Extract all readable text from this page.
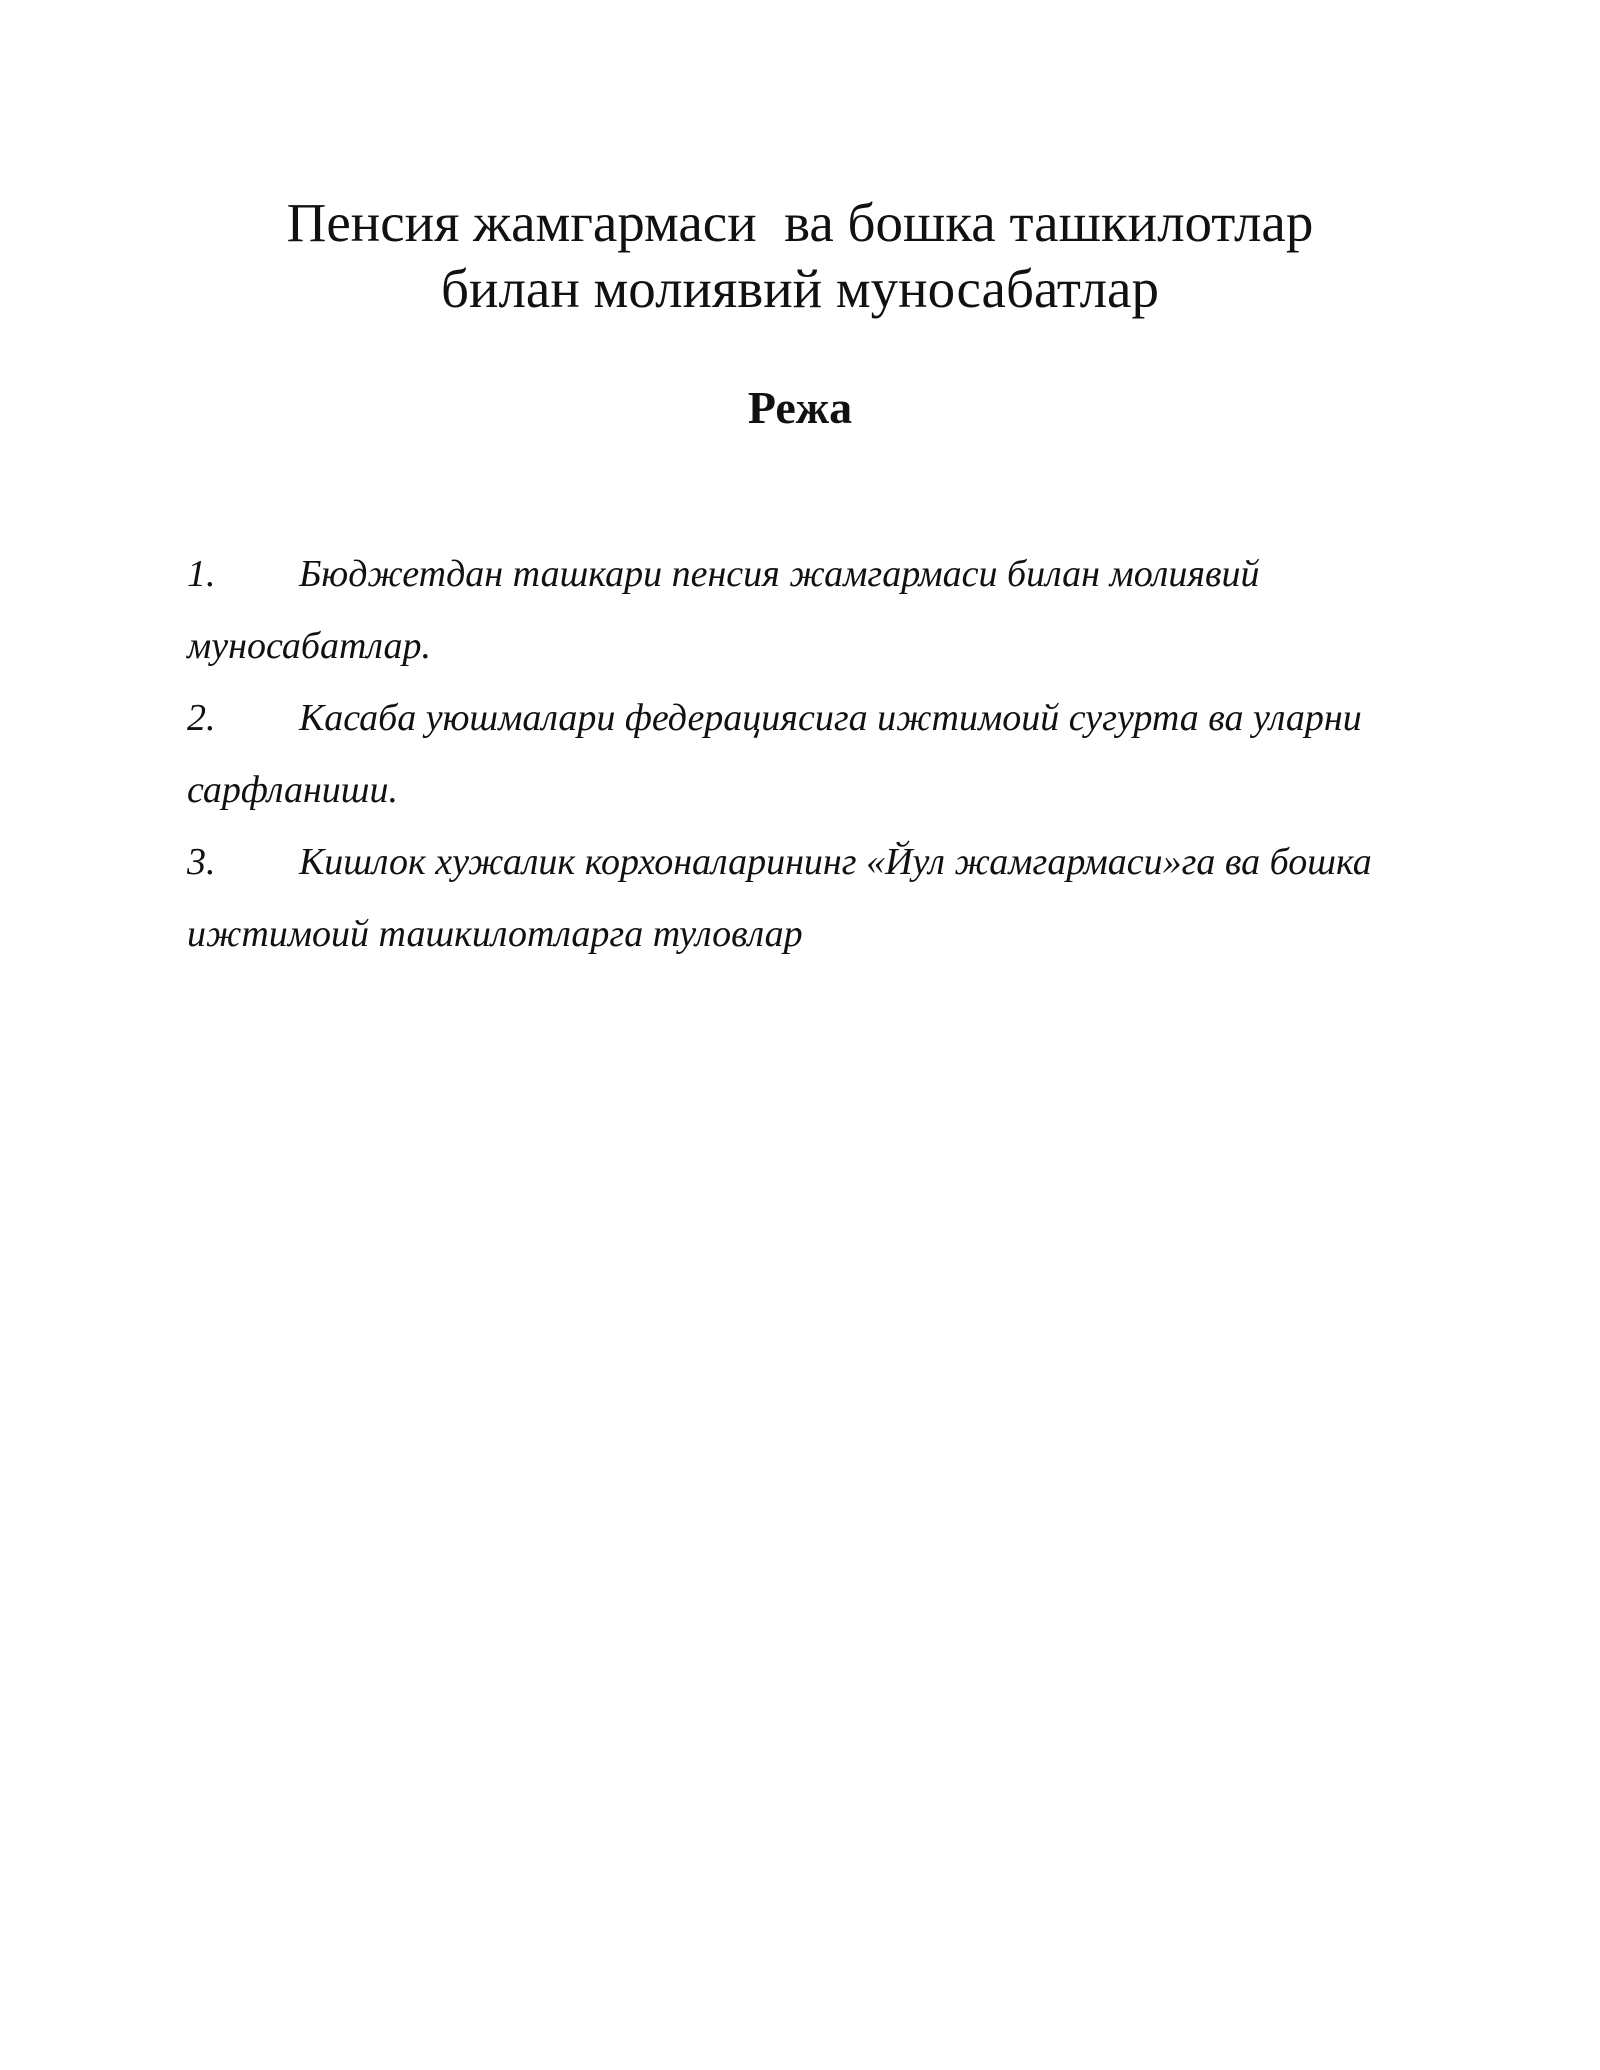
Пенсия жамгармаси  ва бошка ташкилотлар
билан молиявий муносабатлар
Режа
1. Бюджетдан ташкари пенсия жамгармаси билан молиявий муносабатлар.
2. Касаба уюшмалари федерациясига ижтимоий сугурта ва уларни сарфланиши.
3. Кишлок хужалик корхоналарининг «Йул жамгармаси»га ва бошка ижтимоий ташкилотларга туловлар
